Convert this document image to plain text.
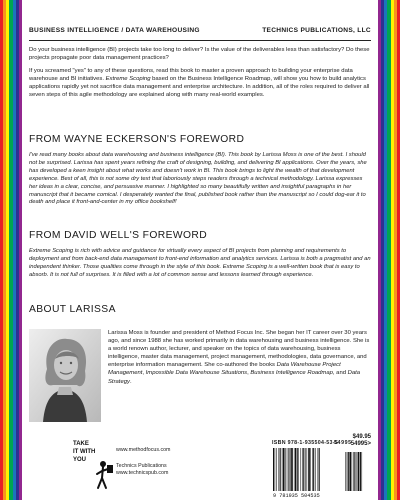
BUSINESS INTELLIGENCE / DATA WAREHOUSING	TECHNICS PUBLICATIONS, LLC

Do your business intelligence (BI) projects take too long to deliver? Is the value of the deliverables less than satisfactory? Do these projects propagate poor data management practices?

If you screamed "yes" to any of these questions, read this book to master a proven approach to building your enterprise data warehouse and BI initiatives. Extreme Scoping based on the Business Intelligence Roadmap, will show you how to build analytics applications rapidly yet not sacrifice data management and enterprise architecture. In addition, all of the roles required to deliver all seven steps of this agile methodology are explained along with many real-world examples.

FROM WAYNE ECKERSON'S FOREWORD

I've read many books about data warehousing and business intelligence (BI). This book by Larissa Moss is one of the best. I should not be surprised. Larissa has spent years refining the craft of designing, building, and delivering BI applications. Over the years, she has developed a keen insight about what works and doesn't work in BI. This book brings to light the wealth of that development experience. Best of all, this is not some dry text that laboriously steps readers through a technical methodology. Larissa expresses her ideas in a clear, concise, and persuasive manner. I highlighted so many beautifully written and insightful paragraphs in her manuscript that it became comical. I desperately wanted the final, published book rather than the manuscript so I could dog-ear it to death and place it front-and-center in my office bookshelf!

FROM DAVID WELL'S FOREWORD

Extreme Scoping is rich with advice and guidance for virtually every aspect of BI projects from planning and requirements to deployment and from back-end data management to front-end information and analytics services. Larissa is both a pragmatist and an independent thinker. Those qualities come through in the style of this book. Extreme Scoping is a well-written book that is easy to absorb. It is not full of surprises. It is filled with a lot of common sense and lessons learned through experience.

ABOUT LARISSA

Larissa Moss is founder and president of Method Focus Inc. She began her IT career over 30 years ago, and since 1988 she has worked primarily in data warehousing and business intelligence. She is a world renown author, lecturer, and speaker on the topics of data warehousing, business intelligence, master data management, project management, methodologies, data governance, and enterprise information management. She co-authored the books Data Warehouse Project Management, Impossible Data Warehouse Situations, Business Intelligence Roadmap, and Data Strategy.

TAKE
IT WITH
YOU
www.methodfocus.com
Technics Publications
www.technicspub.com
$49.95
54995>
ISBN 978-1-935504-53-5
54995
9 781935 504535
